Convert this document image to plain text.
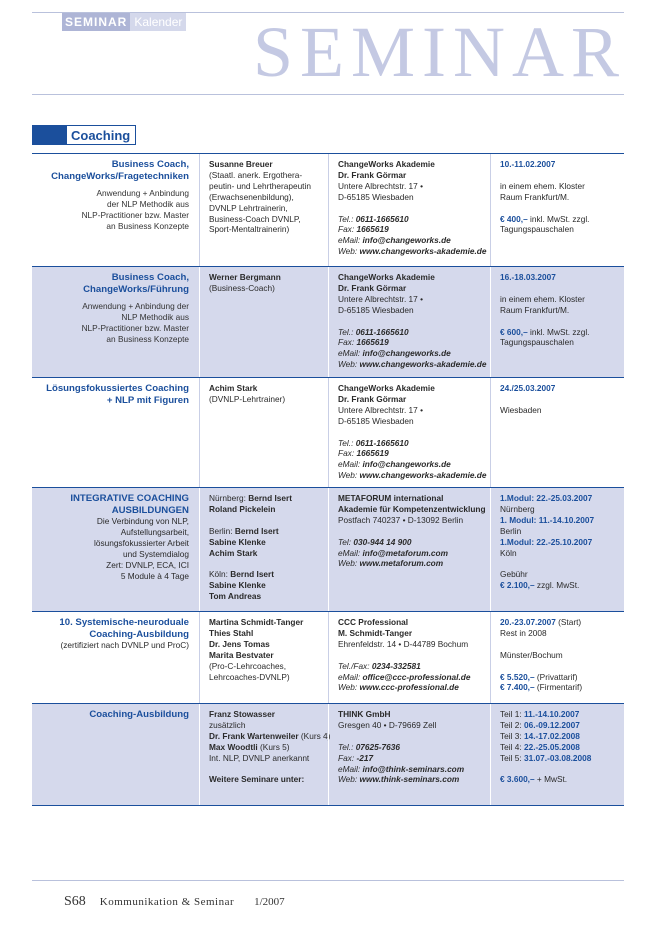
SEMINAR Kalender SEMINAR
Coaching
Business Coach,
ChangeWorks/Fragetechniken
Anwendung + Anbindung
der NLP Methodik aus
NLP-Practitioner bzw. Master
an Business Konzepte
Susanne Breuer
(Staatl. anerk. Ergothera-
peutin- und Lehrtherapeutin
(Erwachsenenbildung),
DVNLP Lehrtrainerin,
Business-Coach DVNLP,
Sport-Mentaltrainerin)
ChangeWorks Akademie
Dr. Frank Görmar
Untere Albrechtstr. 17 •
D-65185 Wiesbaden
Tel.: 0611-1665610
Fax: 1665619
eMail: info@changeworks.de
Web: www.changeworks-akademie.de
10.-11.02.2007
in einem ehem. Kloster
Raum Frankfurt/M.
€ 400,– inkl. MwSt. zzgl.
Tagungspauschalen
Business Coach,
ChangeWorks/Führung
Anwendung + Anbindung der
NLP Methodik aus
NLP-Practitioner bzw. Master
an Business Konzepte
Werner Bergmann
(Business-Coach)
ChangeWorks Akademie
Dr. Frank Görmar
Untere Albrechtstr. 17 •
D-65185 Wiesbaden
Tel.: 0611-1665610
Fax: 1665619
eMail: info@changeworks.de
Web: www.changeworks-akademie.de
16.-18.03.2007
in einem ehem. Kloster
Raum Frankfurt/M.
€ 600,– inkl. MwSt. zzgl.
Tagungspauschalen
Lösungsfokussiertes Coaching
+ NLP mit Figuren
Achim Stark
(DVNLP-Lehrtrainer)
ChangeWorks Akademie
Dr. Frank Görmar
Untere Albrechtstr. 17 •
D-65185 Wiesbaden
Tel.: 0611-1665610
Fax: 1665619
eMail: info@changeworks.de
Web: www.changeworks-akademie.de
24./25.03.2007
Wiesbaden
INTEGRATIVE COACHING
AUSBILDUNGEN
Die Verbindung von NLP,
Aufstellungsarbeit,
lösungsfokussierter Arbeit
und Systemdialog
Zert: DVNLP, ECA, ICI
5 Module à 4 Tage
Nürnberg: Bernd Isert
Roland Pickelein
Berlin: Bernd Isert
Sabine Klenke
Achim Stark
Köln: Bernd Isert
Sabine Klenke
Tom Andreas
METAFORUM international
Akademie für Kompetenzentwicklung
Postfach 740237 • D-13092 Berlin
Tel: 030-944 14 900
eMail: info@metaforum.com
Web: www.metaforum.com
1.Modul: 22.-25.03.2007
Nürnberg
1. Modul: 11.-14.10.2007
Berlin
1.Modul: 22.-25.10.2007
Köln
Gebühr
€ 2.100,– zzgl. MwSt.
10. Systemische-neuroduale
Coaching-Ausbildung
(zertifiziert nach DVNLP und ProC)
Martina Schmidt-Tanger
Thies Stahl
Dr. Jens Tomas
Marita Bestvater
(Pro-C-Lehrcoaches,
Lehrcoaches-DVNLP)
CCC Professional
M. Schmidt-Tanger
Ehrenfeldstr. 14 • D-44789 Bochum
Tel./Fax: 0234-332581
eMail: office@ccc-professional.de
Web: www.ccc-professional.de
20.-23.07.2007 (Start)
Rest in 2008
Münster/Bochum
€ 5.520,– (Privattarif)
€ 7.400,– (Firmentarif)
Coaching-Ausbildung Franz Stowasser
zusätzlich
Dr. Frank Wartenweiler (Kurs 4)
Max Woodtli (Kurs 5)
Int. NLP, DVNLP anerkannt
Weitere Seminare unter:
THINK GmbH
Gresgen 40 • D-79669 Zell
Tel.: 07625-7636
Fax: -217
eMail: info@think-seminars.com
Web: www.think-seminars.com
Teil 1: 11.-14.10.2007
Teil 2: 06.-09.12.2007
Teil 3: 14.-17.02.2008
Teil 4: 22.-25.05.2008
Teil 5: 31.07.-03.08.2008
€ 3.600,– + MwSt.
S68 Kommunikation & Seminar 1/2007
